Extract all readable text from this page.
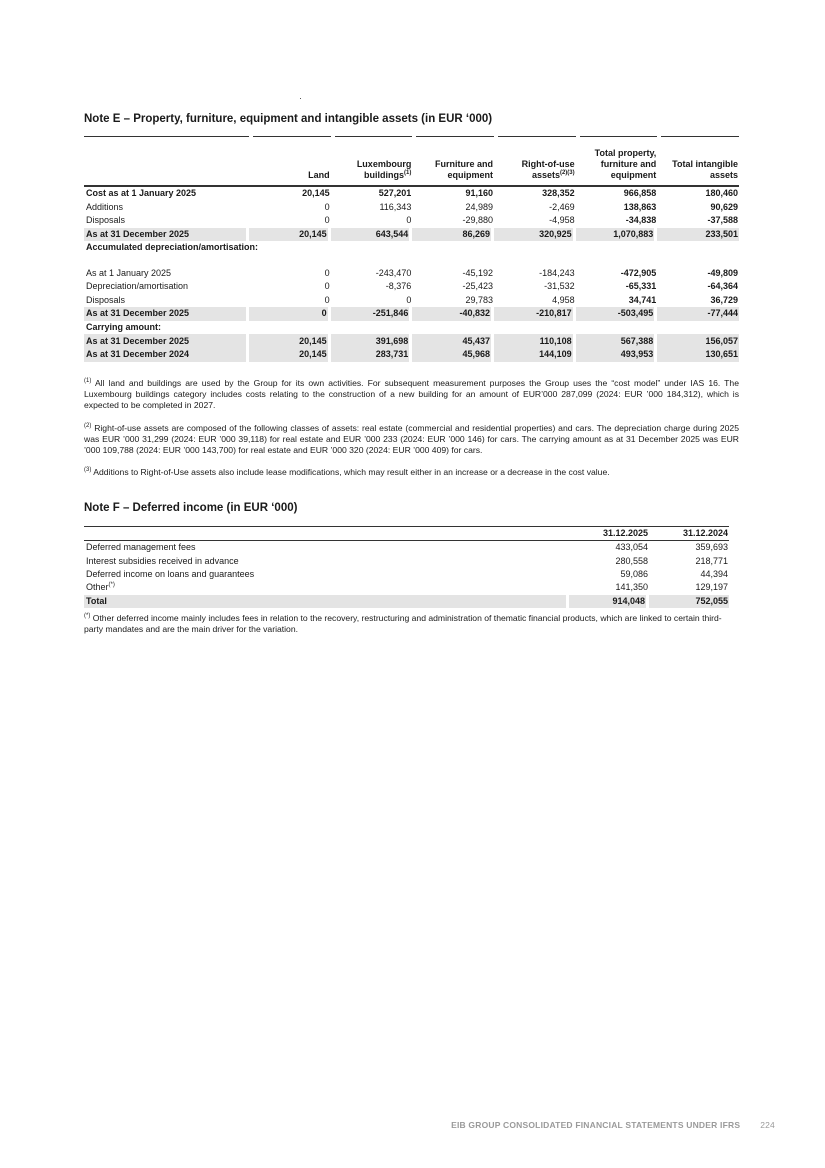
Note E – Property, furniture, equipment and intangible assets (in EUR ‘000)
	Land	Luxembourg buildings$^{(1)}$	Furniture and equipment	Right-of-use assets$^{(2)(3)}$	Total property, furniture and equipment	Total intangible assets
Cost as at 1 January 2025	20,145	527,201	91,160	328,352	966,858	180,460
Additions	0	116,343	24,989	-2,469	138,863	90,629
Disposals	0	0	-29,880	-4,958	-34,838	-37,588
As at 31 December 2025	20,145	643,544	86,269	320,925	1,070,883	233,501
Accumulated depreciation/amortisation:						
As at 1 January 2025	0	-243,470	-45,192	-184,243	-472,905	-49,809
Depreciation/amortisation	0	-8,376	-25,423	-31,532	-65,331	-64,364
Disposals	0	0	29,783	4,958	34,741	36,729
As at 31 December 2025	0	-251,846	-40,832	-210,817	-503,495	-77,444
Carrying amount:						
As at 31 December 2025	20,145	391,698	45,437	110,108	567,388	156,057
As at 31 December 2024	20,145	283,731	45,968	144,109	493,953	130,651

$^{(1)}$ All land and buildings are used by the Group for its own activities. For subsequent measurement purposes the Group uses the “cost model” under IAS 16. The Luxembourg buildings category includes costs relating to the construction of a new building for an amount of EUR’000 287,099 (2024: EUR ’000 184,312), which is expected to be completed in 2027.

$^{(2)}$ Right-of-use assets are composed of the following classes of assets: real estate (commercial and residential properties) and cars. The depreciation charge during 2025 was EUR ’000 31,299 (2024: EUR ’000 39,118) for real estate and EUR ’000 233 (2024: EUR ’000 146) for cars. The carrying amount as at 31 December 2025 was EUR ’000 109,788 (2024: EUR ’000 143,700) for real estate and EUR ’000 320 (2024: EUR ’000 409) for cars.

$^{(3)}$ Additions to Right-of-Use assets also include lease modifications, which may result either in an increase or a decrease in the cost value.

Note F – Deferred income (in EUR ‘000)
	31.12.2025	31.12.2024
Deferred management fees	433,054	359,693
Interest subsidies received in advance	280,558	218,771
Deferred income on loans and guarantees	59,086	44,394
Other(*)	141,350	129,197
Total	914,048	752,055

(*) Other deferred income mainly includes fees in relation to the recovery, restructuring and administration of thematic financial products, which are linked to certain third-party mandates and are the main driver for the variation.

EIB GROUP CONSOLIDATED FINANCIAL STATEMENTS UNDER IFRS 224
